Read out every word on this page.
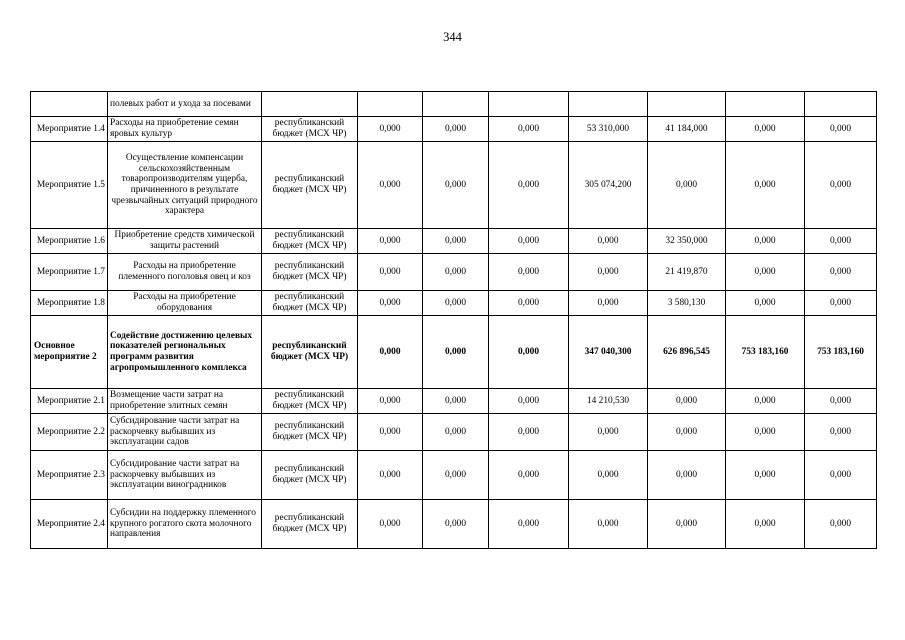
344
	полевых работ и ухода за посевами								
Мероприятие 1.4	Расходы на приобретение семян яровых культур	республиканский бюджет (МСХ ЧР)	0,000	0,000	0,000	53 310,000	41 184,000	0,000	0,000
Мероприятие 1.5	Осуществление компенсации сельскохозяйственным товаропроизводителям ущерба, причиненного в результате чрезвычайных ситуаций природного характера	республиканский бюджет (МСХ ЧР)	0,000	0,000	0,000	305 074,200	0,000	0,000	0,000
Мероприятие 1.6	Приобретение средств химической защиты растений	республиканский бюджет (МСХ ЧР)	0,000	0,000	0,000	0,000	32 350,000	0,000	0,000
Мероприятие 1.7	Расходы на приобретение племенного поголовья овец и коз	республиканский бюджет (МСХ ЧР)	0,000	0,000	0,000	0,000	21 419,870	0,000	0,000
Мероприятие 1.8	Расходы на приобретение оборудования	республиканский бюджет (МСХ ЧР)	0,000	0,000	0,000	0,000	3 580,130	0,000	0,000
Основное мероприятие 2	Содействие достижению целевых показателей региональных программ развития агропромышленного комплекса	республиканский бюджет (МСХ ЧР)	0,000	0,000	0,000	347 040,300	626 896,545	753 183,160	753 183,160
Мероприятие 2.1	Возмещение части затрат на приобретение элитных семян	республиканский бюджет (МСХ ЧР)	0,000	0,000	0,000	14 210,530	0,000	0,000	0,000
Мероприятие 2.2	Субсидирование части затрат на раскорчевку выбывших из эксплуатации садов	республиканский бюджет (МСХ ЧР)	0,000	0,000	0,000	0,000	0,000	0,000	0,000
Мероприятие 2.3	Субсидирование части затрат на раскорчевку выбывших из эксплуатации виноградников	республиканский бюджет (МСХ ЧР)	0,000	0,000	0,000	0,000	0,000	0,000	0,000
Мероприятие 2.4	Субсидии на поддержку племенного крупного рогатого скота молочного направления	республиканский бюджет (МСХ ЧР)	0,000	0,000	0,000	0,000	0,000	0,000	0,000
